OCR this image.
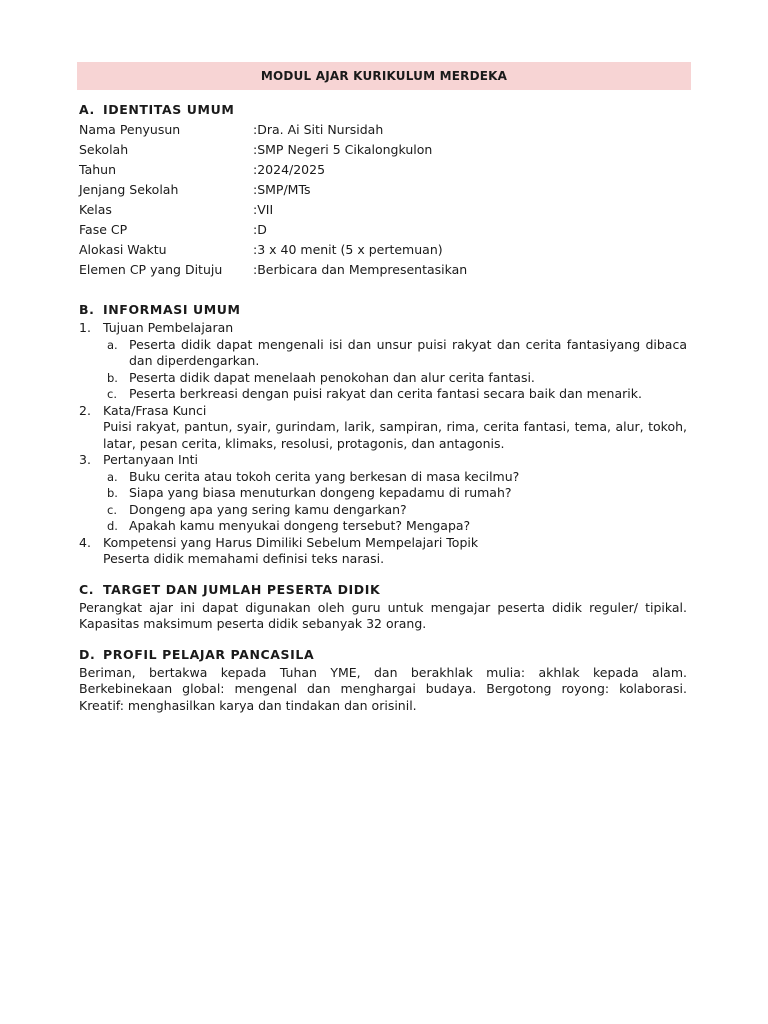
MODUL AJAR KURIKULUM MERDEKA
A. IDENTITAS UMUM
Nama Penyusun	:Dra. Ai Siti Nursidah
Sekolah	:SMP Negeri 5 Cikalongkulon
Tahun	:2024/2025
Jenjang Sekolah	:SMP/MTs
Kelas	:VII
Fase CP	:D
Alokasi Waktu	:3 x 40 menit (5 x pertemuan)
Elemen CP yang Dituju	:Berbicara dan Mempresentasikan
B. INFORMASI UMUM
1. Tujuan Pembelajaran
a. Peserta didik dapat mengenali isi dan unsur puisi rakyat dan cerita fantasiyang dibaca dan diperdengarkan.
b. Peserta didik dapat menelaah penokohan dan alur cerita fantasi.
c. Peserta berkreasi dengan puisi rakyat dan cerita fantasi secara baik dan menarik.
2. Kata/Frasa Kunci
Puisi rakyat, pantun, syair, gurindam, larik, sampiran, rima, cerita fantasi, tema, alur, tokoh, latar, pesan cerita, klimaks, resolusi, protagonis, dan antagonis.
3. Pertanyaan Inti
a. Buku cerita atau tokoh cerita yang berkesan di masa kecilmu?
b. Siapa yang biasa menuturkan dongeng kepadamu di rumah?
c. Dongeng apa yang sering kamu dengarkan?
d. Apakah kamu menyukai dongeng tersebut? Mengapa?
4. Kompetensi yang Harus Dimiliki Sebelum Mempelajari Topik
Peserta didik memahami definisi teks narasi.
C. TARGET DAN JUMLAH PESERTA DIDIK
Perangkat ajar ini dapat digunakan oleh guru untuk mengajar peserta didik reguler/ tipikal. Kapasitas maksimum peserta didik sebanyak 32 orang.
D. PROFIL PELAJAR PANCASILA
Beriman, bertakwa kepada Tuhan YME, dan berakhlak mulia: akhlak kepada alam. Berkebinekaan global: mengenal dan menghargai budaya. Bergotong royong: kolaborasi. Kreatif: menghasilkan karya dan tindakan dan orisinil.
